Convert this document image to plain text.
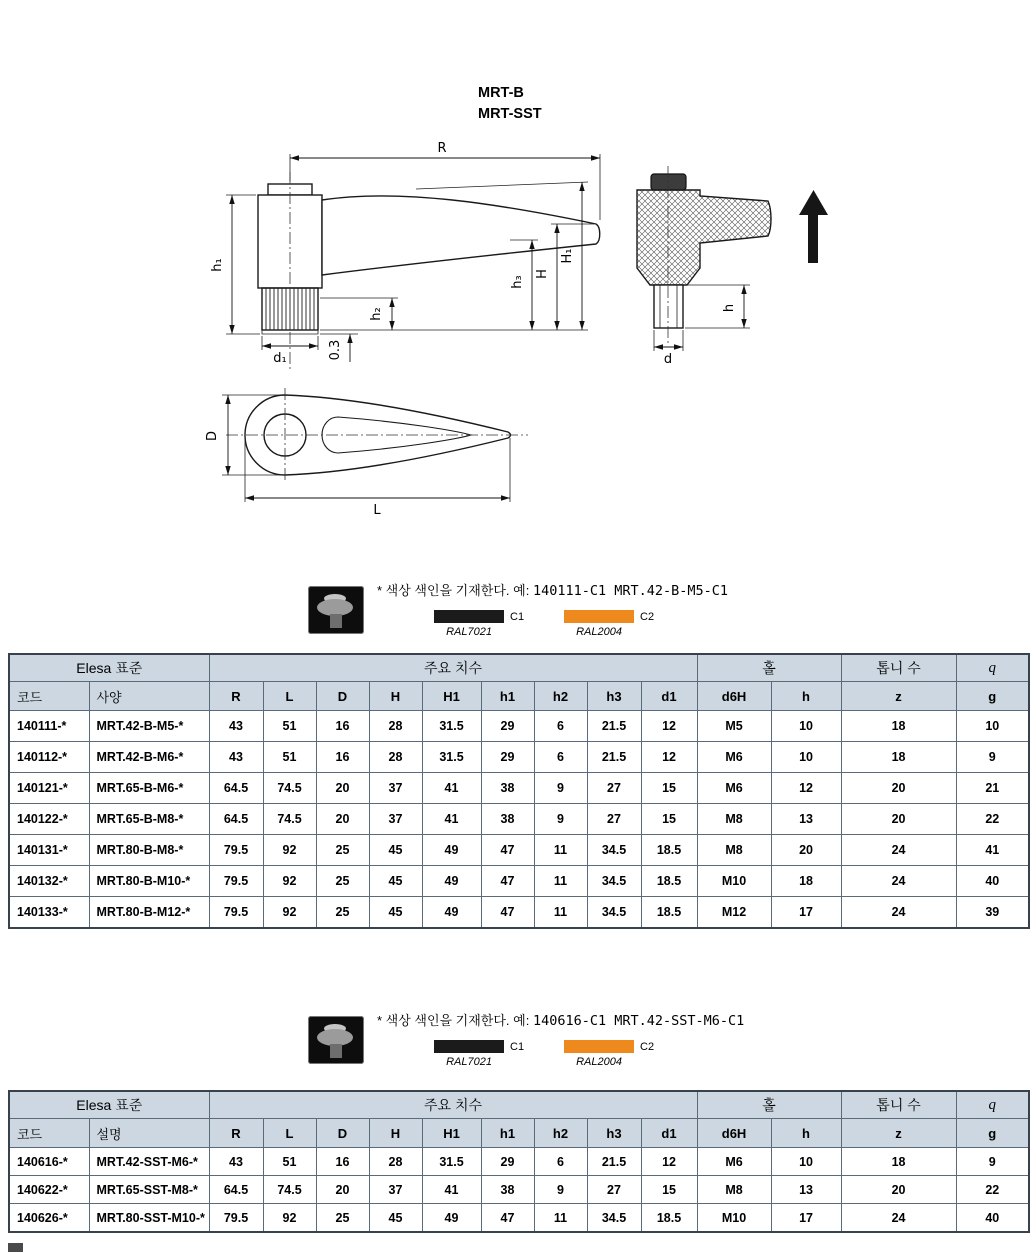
MRT-B
MRT-SST
R
h₁
h₂
h₃
H
H₁
d₁	0.3
h
d
D
L
* 색상 색인을 기재한다. 예: 140111-C1 MRT.42-B-M5-C1
C1
RAL7021
C2
RAL2004
Elesa 표준		주요 치수									홀		톱니 수	q
코드	사양	R	L	D	H	H1	h1	h2	h3	d1	d6H	h	z	g
140111-*	MRT.42-B-M5-*	43	51	16	28	31.5	29	6	21.5	12	M5	10	18	10
140112-*	MRT.42-B-M6-*	43	51	16	28	31.5	29	6	21.5	12	M6	10	18	9
140121-*	MRT.65-B-M6-*	64.5	74.5	20	37	41	38	9	27	15	M6	12	20	21
140122-*	MRT.65-B-M8-*	64.5	74.5	20	37	41	38	9	27	15	M8	13	20	22
140131-*	MRT.80-B-M8-*	79.5	92	25	45	49	47	11	34.5	18.5	M8	20	24	41
140132-*	MRT.80-B-M10-*	79.5	92	25	45	49	47	11	34.5	18.5	M10	18	24	40
140133-*	MRT.80-B-M12-*	79.5	92	25	45	49	47	11	34.5	18.5	M12	17	24	39
* 색상 색인을 기재한다. 예: 140616-C1 MRT.42-SST-M6-C1
C1
RAL7021
C2
RAL2004
Elesa 표준		주요 치수									홀		톱니 수	q
코드	설명	R	L	D	H	H1	h1	h2	h3	d1	d6H	h	z	g
140616-*	MRT.42-SST-M6-*	43	51	16	28	31.5	29	6	21.5	12	M6	10	18	9
140622-*	MRT.65-SST-M8-*	64.5	74.5	20	37	41	38	9	27	15	M8	13	20	22
140626-*	MRT.80-SST-M10-*	79.5	92	25	45	49	47	11	34.5	18.5	M10	17	24	40
